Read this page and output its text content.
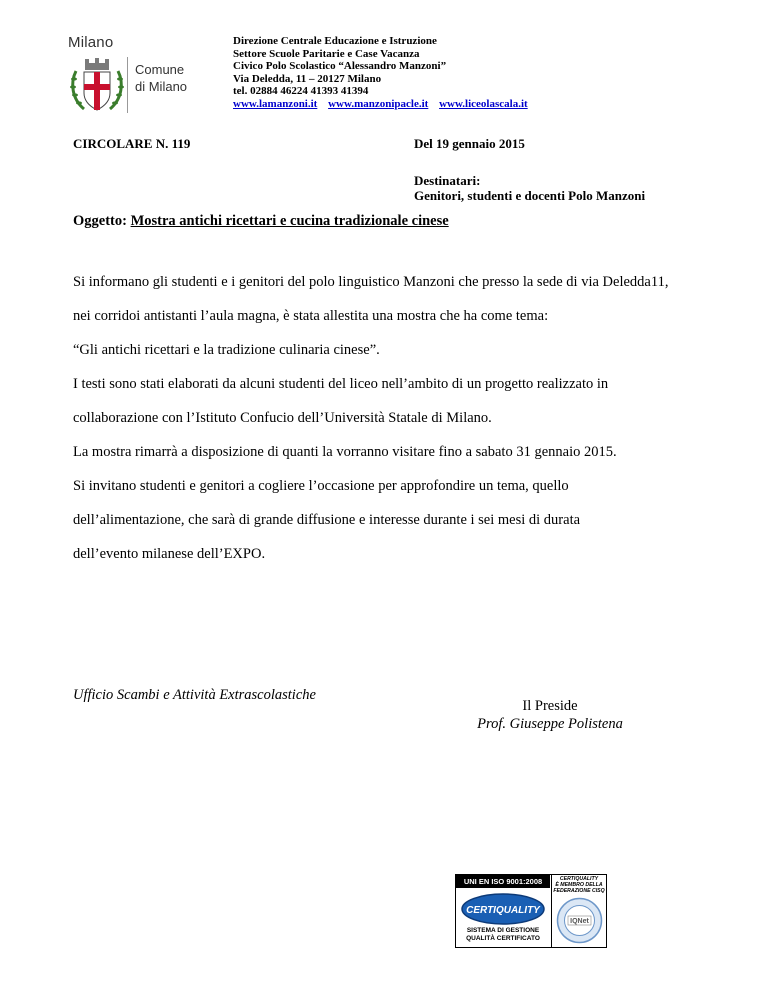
Milano
Comune
di Milano
Direzione Centrale Educazione e Istruzione
Settore Scuole Paritarie e Case Vacanza
Civico Polo Scolastico “Alessandro Manzoni”
Via Deledda, 11 – 20127 Milano
tel. 02884 46224 41393 41394
www.lamanzoni.it www.manzonipacle.it www.liceolascala.it
CIRCOLARE N. 119	Del 19 gennaio 2015
Destinatari:
Genitori, studenti e docenti Polo Manzoni
Oggetto: Mostra antichi ricettari e cucina tradizionale cinese

Si informano gli studenti e i genitori del polo linguistico Manzoni che presso la sede di via Deledda11,

nei corridoi antistanti l’aula magna, è stata allestita una mostra che ha come tema:

“Gli antichi ricettari e la tradizione culinaria cinese”.

I testi sono stati elaborati da alcuni studenti del liceo nell’ambito di un progetto realizzato in

collaborazione con l’Istituto Confucio dell’Università Statale di Milano.

La mostra rimarrà a disposizione di quanti la vorranno visitare fino a sabato 31 gennaio 2015.

Si invitano studenti e genitori a cogliere l’occasione per approfondire un tema, quello

dell’alimentazione, che sarà di grande diffusione e interesse durante i sei mesi di durata

dell’evento milanese dell’EXPO.

Ufficio Scambi e Attività Extrascolastiche
Il Preside
Prof. Giuseppe Polistena
UNI EN ISO 9001:2008
CERTIQUALITY
SISTEMA DI GESTIONE
QUALITÀ CERTIFICATO
CERTIQUALITY
È MEMBRO DELLA
FEDERAZIONE CISQ
IQNet
